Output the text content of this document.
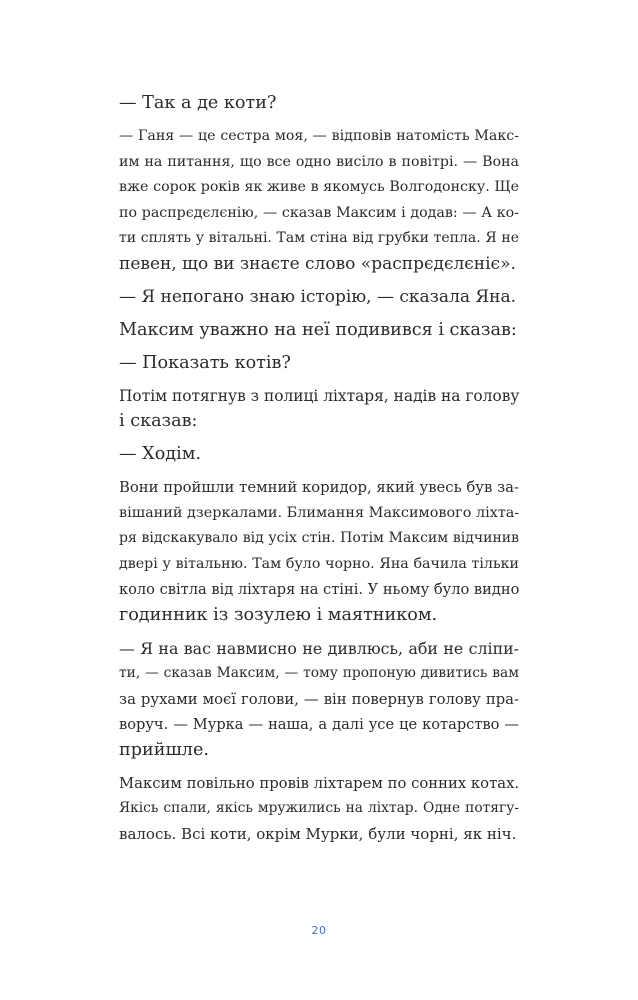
— Так а де коти?

— Ганя — це сестра моя, — відповів натомість Макс-
им на питання, що все одно висіло в повітрі. — Вона
вже сорок років як живе в якомусь Волгодонску. Ще
по распрєдєлєнію, — сказав Максим і додав: — А ко-
ти сплять у вітальні. Там стіна від грубки тепла. Я не
певен, що ви знаєте слово «распрєдєлєніє».

— Я непогано знаю історію, — сказала Яна.

Максим уважно на неї подивився і сказав:

— Показать котів?

Потім потягнув з полиці ліхтаря, надів на голову
і сказав:

— Ходім.

Вони пройшли темний коридор, який увесь був за-
вішаний дзеркалами. Блимання Максимового ліхта-
ря відскакувало від усіх стін. Потім Максим відчинив
двері у вітальню. Там було чорно. Яна бачила тільки
коло світла від ліхтаря на стіні. У ньому було видно
годинник із зозулею і маятником.

— Я на вас навмисно не дивлюсь, аби не сліпи-
ти, — сказав Максим, — тому пропоную дивитись вам
за рухами моєї голови, — він повернув голову пра-
воруч. — Мурка — наша, а далі усе це котарство —
прийшле.

Максим повільно провів ліхтарем по сонних котах.
Якісь спали, якісь мружились на ліхтар. Одне потягу-
валось. Всі коти, окрім Мурки, були чорні, як ніч.

20
